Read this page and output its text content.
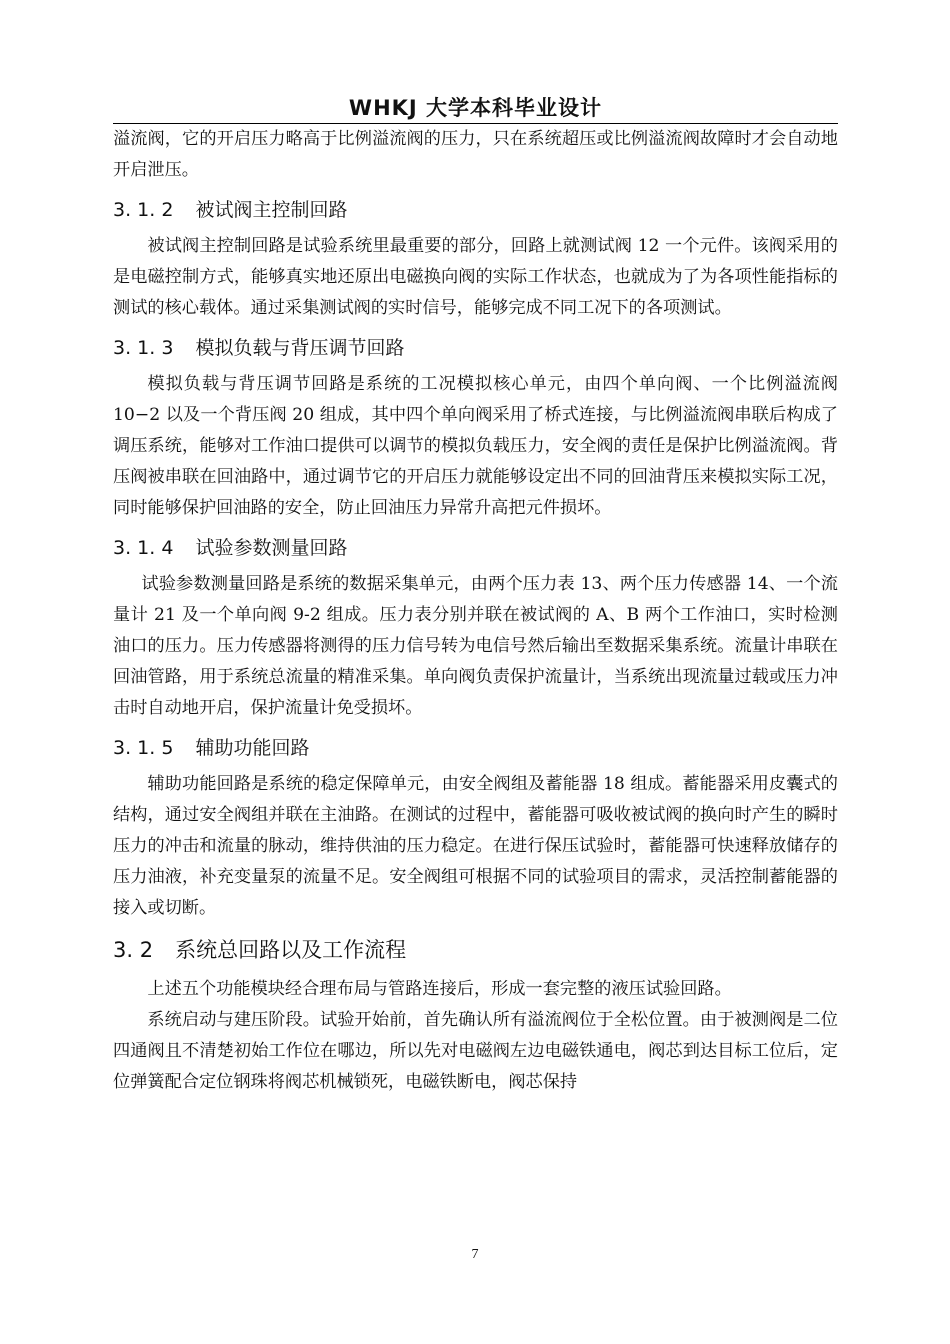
WHKJ 大学本科毕业设计

溢流阀，它的开启压力略高于比例溢流阀的压力，只在系统超压或比例溢流阀故障时才会自动地开启泄压。

3. 1. 2 被试阀主控制回路

被试阀主控制回路是试验系统里最重要的部分，回路上就测试阀 12 一个元件。该阀采用的是电磁控制方式，能够真实地还原出电磁换向阀的实际工作状态，也就成为了为各项性能指标的测试的核心载体。通过采集测试阀的实时信号，能够完成不同工况下的各项测试。

3. 1. 3 模拟负载与背压调节回路

模拟负载与背压调节回路是系统的工况模拟核心单元，由四个单向阀、一个比例溢流阀 10−2 以及一个背压阀 20 组成，其中四个单向阀采用了桥式连接，与比例溢流阀串联后构成了调压系统，能够对工作油口提供可以调节的模拟负载压力，安全阀的责任是保护比例溢流阀。背压阀被串联在回油路中，通过调节它的开启压力就能够设定出不同的回油背压来模拟实际工况，同时能够保护回油路的安全，防止回油压力异常升高把元件损坏。

3. 1. 4 试验参数测量回路

试验参数测量回路是系统的数据采集单元，由两个压力表 13、两个压力传感器 14、一个流量计 21 及一个单向阀 9-2 组成。压力表分别并联在被试阀的 A、B 两个工作油口，实时检测油口的压力。压力传感器将测得的压力信号转为电信号然后输出至数据采集系统。流量计串联在回油管路，用于系统总流量的精准采集。单向阀负责保护流量计，当系统出现流量过载或压力冲击时自动地开启，保护流量计免受损坏。

3. 1. 5 辅助功能回路

辅助功能回路是系统的稳定保障单元，由安全阀组及蓄能器 18 组成。蓄能器采用皮囊式的结构，通过安全阀组并联在主油路。在测试的过程中，蓄能器可吸收被试阀的换向时产生的瞬时压力的冲击和流量的脉动，维持供油的压力稳定。在进行保压试验时，蓄能器可快速释放储存的压力油液，补充变量泵的流量不足。安全阀组可根据不同的试验项目的需求，灵活控制蓄能器的接入或切断。

3. 2 系统总回路以及工作流程

上述五个功能模块经合理布局与管路连接后，形成一套完整的液压试验回路。

系统启动与建压阶段。试验开始前，首先确认所有溢流阀位于全松位置。由于被测阀是二位四通阀且不清楚初始工作位在哪边，所以先对电磁阀左边电磁铁通电，阀芯到达目标工位后，定位弹簧配合定位钢珠将阀芯机械锁死，电磁铁断电，阀芯保持

7
